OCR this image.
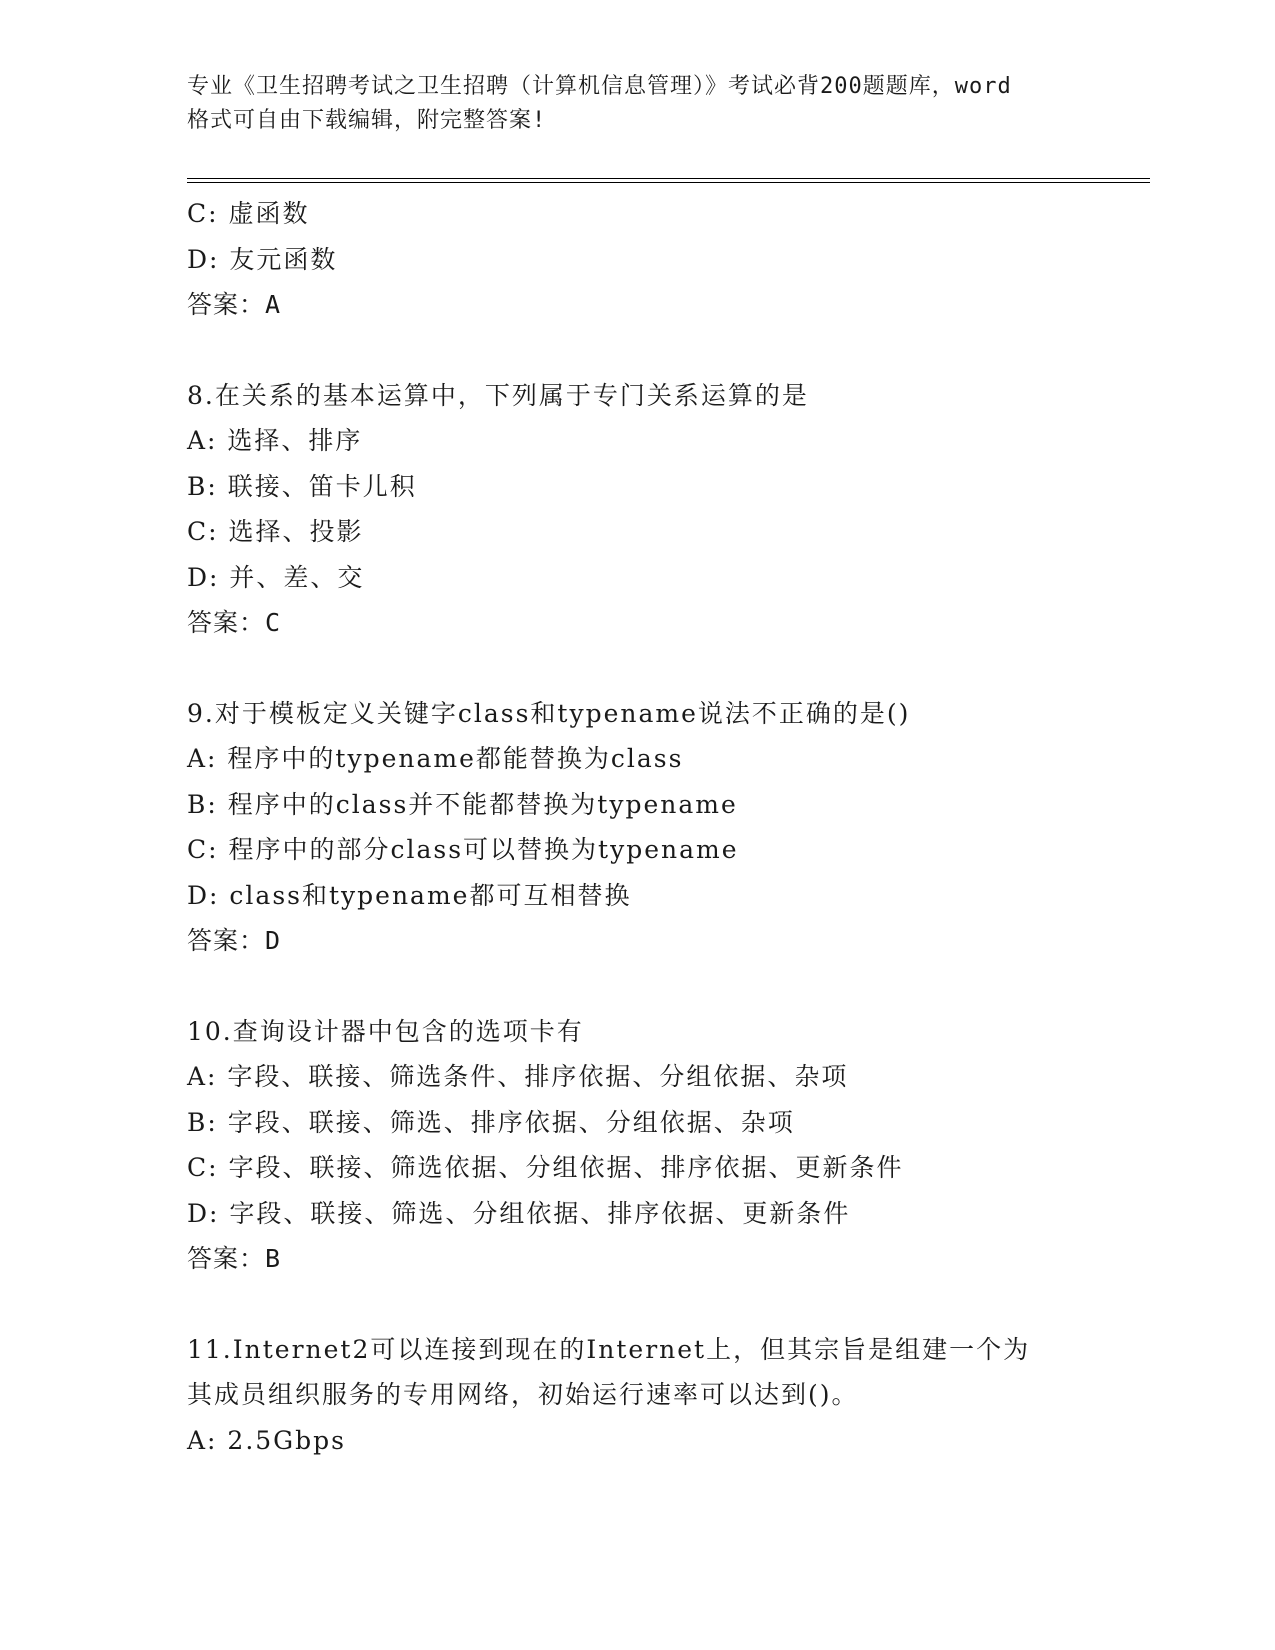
专业《卫生招聘考试之卫生招聘（计算机信息管理）》考试必背200题题库，word
格式可自由下载编辑，附完整答案!

C: 虚函数

D: 友元函数

答案：A

8.在关系的基本运算中，下列属于专门关系运算的是

A: 选择、排序

B: 联接、笛卡儿积

C: 选择、投影

D: 并、差、交

答案：C

9.对于模板定义关键字class和typename说法不正确的是()

A: 程序中的typename都能替换为class

B: 程序中的class并不能都替换为typename

C: 程序中的部分class可以替换为typename

D: class和typename都可互相替换

答案：D

10.查询设计器中包含的选项卡有

A: 字段、联接、筛选条件、排序依据、分组依据、杂项

B: 字段、联接、筛选、排序依据、分组依据、杂项

C: 字段、联接、筛选依据、分组依据、排序依据、更新条件

D: 字段、联接、筛选、分组依据、排序依据、更新条件

答案：B

11.Internet2可以连接到现在的Internet上，但其宗旨是组建一个为

其成员组织服务的专用网络，初始运行速率可以达到()。

A: 2.5Gbps
